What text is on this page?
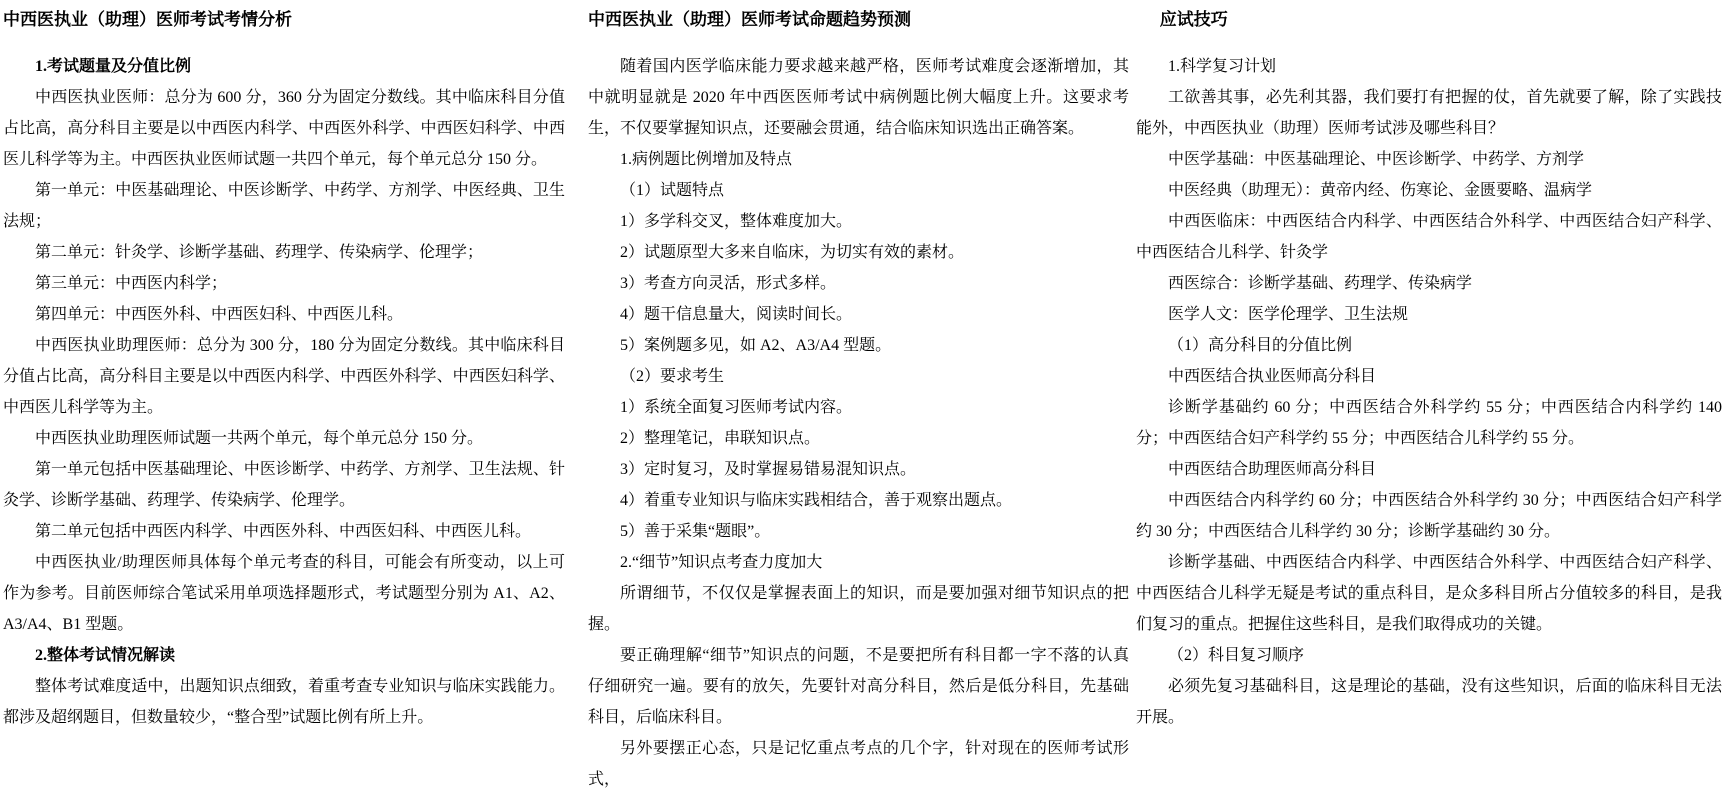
中西医执业（助理）医师考试考情分析

1.考试题量及分值比例

中西医执业医师：总分为 600 分，360 分为固定分数线。其中临床科目分值占比高，高分科目主要是以中西医内科学、中西医外科学、中西医妇科学、中西医儿科学等为主。中西医执业医师试题一共四个单元，每个单元总分 150 分。

第一单元：中医基础理论、中医诊断学、中药学、方剂学、中医经典、卫生法规；

第二单元：针灸学、诊断学基础、药理学、传染病学、伦理学；

第三单元：中西医内科学；

第四单元：中西医外科、中西医妇科、中西医儿科。

中西医执业助理医师：总分为 300 分，180 分为固定分数线。其中临床科目分值占比高，高分科目主要是以中西医内科学、中西医外科学、中西医妇科学、中西医儿科学等为主。

中西医执业助理医师试题一共两个单元，每个单元总分 150 分。

第一单元包括中医基础理论、中医诊断学、中药学、方剂学、卫生法规、针灸学、诊断学基础、药理学、传染病学、伦理学。

第二单元包括中西医内科学、中西医外科、中西医妇科、中西医儿科。

中西医执业/助理医师具体每个单元考查的科目，可能会有所变动，以上可作为参考。目前医师综合笔试采用单项选择题形式，考试题型分别为 A1、A2、A3/A4、B1 型题。

2.整体考试情况解读

整体考试难度适中，出题知识点细致，着重考查专业知识与临床实践能力。都涉及超纲题目，但数量较少，“整合型”试题比例有所上升。

中西医执业（助理）医师考试命题趋势预测

随着国内医学临床能力要求越来越严格，医师考试难度会逐渐增加，其中就明显就是 2020 年中西医医师考试中病例题比例大幅度上升。这要求考生，不仅要掌握知识点，还要融会贯通，结合临床知识选出正确答案。

1.病例题比例增加及特点

（1）试题特点

1）多学科交叉，整体难度加大。

2）试题原型大多来自临床，为切实有效的素材。

3）考查方向灵活，形式多样。

4）题干信息量大，阅读时间长。

5）案例题多见，如 A2、A3/A4 型题。

（2）要求考生

1）系统全面复习医师考试内容。

2）整理笔记，串联知识点。

3）定时复习，及时掌握易错易混知识点。

4）着重专业知识与临床实践相结合，善于观察出题点。

5）善于采集“题眼”。

2.“细节”知识点考查力度加大

所谓细节，不仅仅是掌握表面上的知识，而是要加强对细节知识点的把握。

要正确理解“细节”知识点的问题，不是要把所有科目都一字不落的认真仔细研究一遍。要有的放矢，先要针对高分科目，然后是低分科目，先基础科目，后临床科目。

另外要摆正心态，只是记忆重点考点的几个字，针对现在的医师考试形式，

应试技巧

1.科学复习计划

工欲善其事，必先利其器，我们要打有把握的仗，首先就要了解，除了实践技能外，中西医执业（助理）医师考试涉及哪些科目？

中医学基础：中医基础理论、中医诊断学、中药学、方剂学

中医经典（助理无）：黄帝内经、伤寒论、金匮要略、温病学

中西医临床：中西医结合内科学、中西医结合外科学、中西医结合妇产科学、中西医结合儿科学、针灸学

西医综合：诊断学基础、药理学、传染病学

医学人文：医学伦理学、卫生法规

（1）高分科目的分值比例

中西医结合执业医师高分科目

诊断学基础约 60 分；中西医结合外科学约 55 分；中西医结合内科学约 140 分；中西医结合妇产科学约 55 分；中西医结合儿科学约 55 分。

中西医结合助理医师高分科目

中西医结合内科学约 60 分；中西医结合外科学约 30 分；中西医结合妇产科学约 30 分；中西医结合儿科学约 30 分；诊断学基础约 30 分。

诊断学基础、中西医结合内科学、中西医结合外科学、中西医结合妇产科学、中西医结合儿科学无疑是考试的重点科目，是众多科目所占分值较多的科目，是我们复习的重点。把握住这些科目，是我们取得成功的关键。

（2）科目复习顺序

必须先复习基础科目，这是理论的基础，没有这些知识，后面的临床科目无法开展。
